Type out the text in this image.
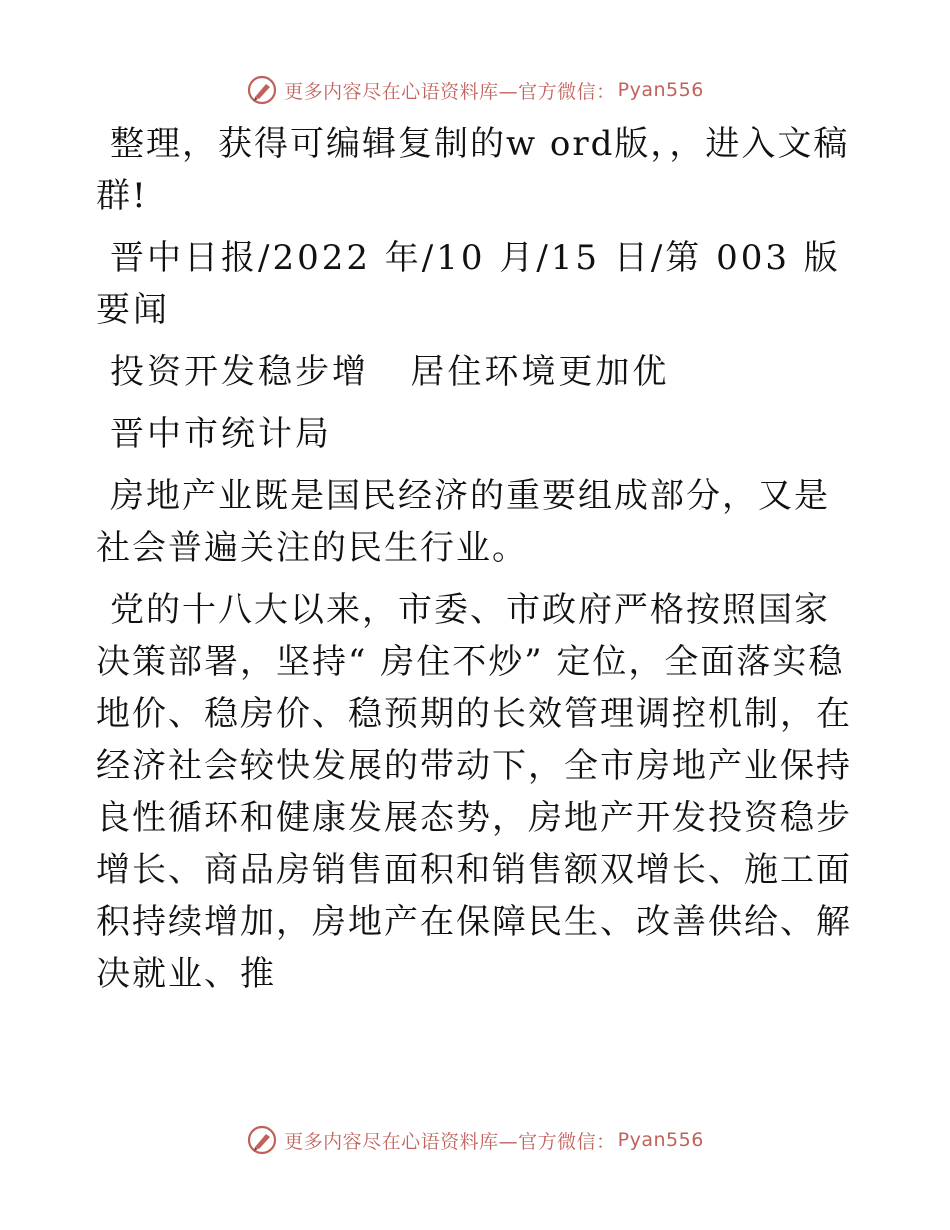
更多内容尽在心语资料库—官方微信： Pyan556

整理，获得可编辑复制的w ord版，，进入文稿群!

晋中日报/2022 年/10 月/15 日/第 003 版要闻

投资开发稳步增   居住环境更加优

晋中市统计局

房地产业既是国民经济的重要组成部分，又是社会普遍关注的民生行业。

党的十八大以来，市委、市政府严格按照国家决策部署，坚持“ 房住不炒” 定位，全面落实稳地价、稳房价、稳预期的长效管理调控机制，在经济社会较快发展的带动下，全市房地产业保持良性循环和健康发展态势，房地产开发投资稳步增长、商品房销售面积和销售额双增长、施工面积持续增加，房地产在保障民生、改善供给、解决就业、推

更多内容尽在心语资料库—官方微信： Pyan556
